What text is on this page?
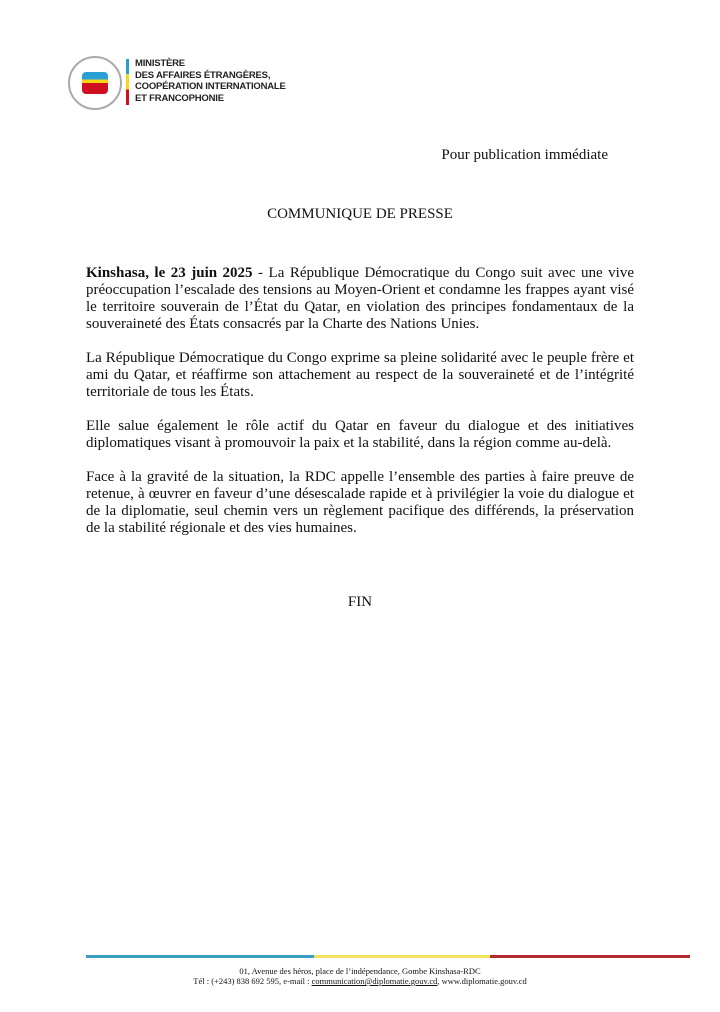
MINISTÈRE
DES AFFAIRES ÉTRANGÈRES,
COOPÉRATION INTERNATIONALE
ET FRANCOPHONIE
Pour publication immédiate
COMMUNIQUE DE PRESSE

Kinshasa, le 23 juin 2025 - La République Démocratique du Congo suit avec une vive préoccupation l’escalade des tensions au Moyen-Orient et condamne les frappes ayant visé le territoire souverain de l’État du Qatar, en violation des principes fondamentaux de la souveraineté des États consacrés par la Charte des Nations Unies.

La République Démocratique du Congo exprime sa pleine solidarité avec le peuple frère et ami du Qatar, et réaffirme son attachement au respect de la souveraineté et de l’intégrité territoriale de tous les États.

Elle salue également le rôle actif du Qatar en faveur du dialogue et des initiatives diplomatiques visant à promouvoir la paix et la stabilité, dans la région comme au-delà.

Face à la gravité de la situation, la RDC appelle l’ensemble des parties à faire preuve de retenue, à œuvrer en faveur d’une désescalade rapide et à privilégier la voie du dialogue et de la diplomatie, seul chemin vers un règlement pacifique des différends, la préservation de la stabilité régionale et des vies humaines.

FIN
01, Avenue des héros, place de l’indépendance, Gombe Kinshasa-RDC
Tél : (+243) 838 692 595, e-mail : communication@diplomatie.gouv.cd, www.diplomatie.gouv.cd
